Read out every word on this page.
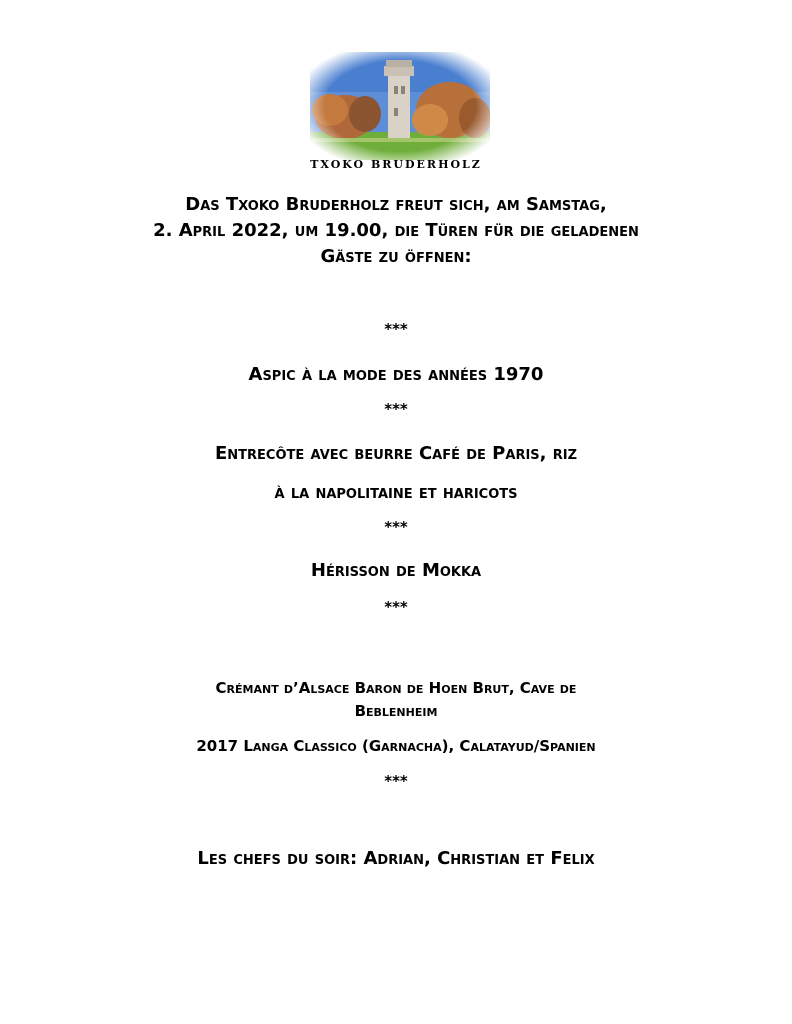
TXOKO BRUDERHOLZ
Das Txoko Bruderholz freut sich, am Samstag,
2. April 2022, um 19.00, die Türen für die geladenen
Gäste zu öffnen:
***
Aspic à la mode des années 1970
***
Entrecôte avec beurre Café de Paris, riz
à la napolitaine et haricots
***
Hérisson de Mokka
***
Crémant d’Alsace Baron de Hoen Brut, Cave de
Beblenheim
2017 Langa Classico (Garnacha), Calatayud/Spanien
***
Les chefs du soir: Adrian, Christian et Felix
